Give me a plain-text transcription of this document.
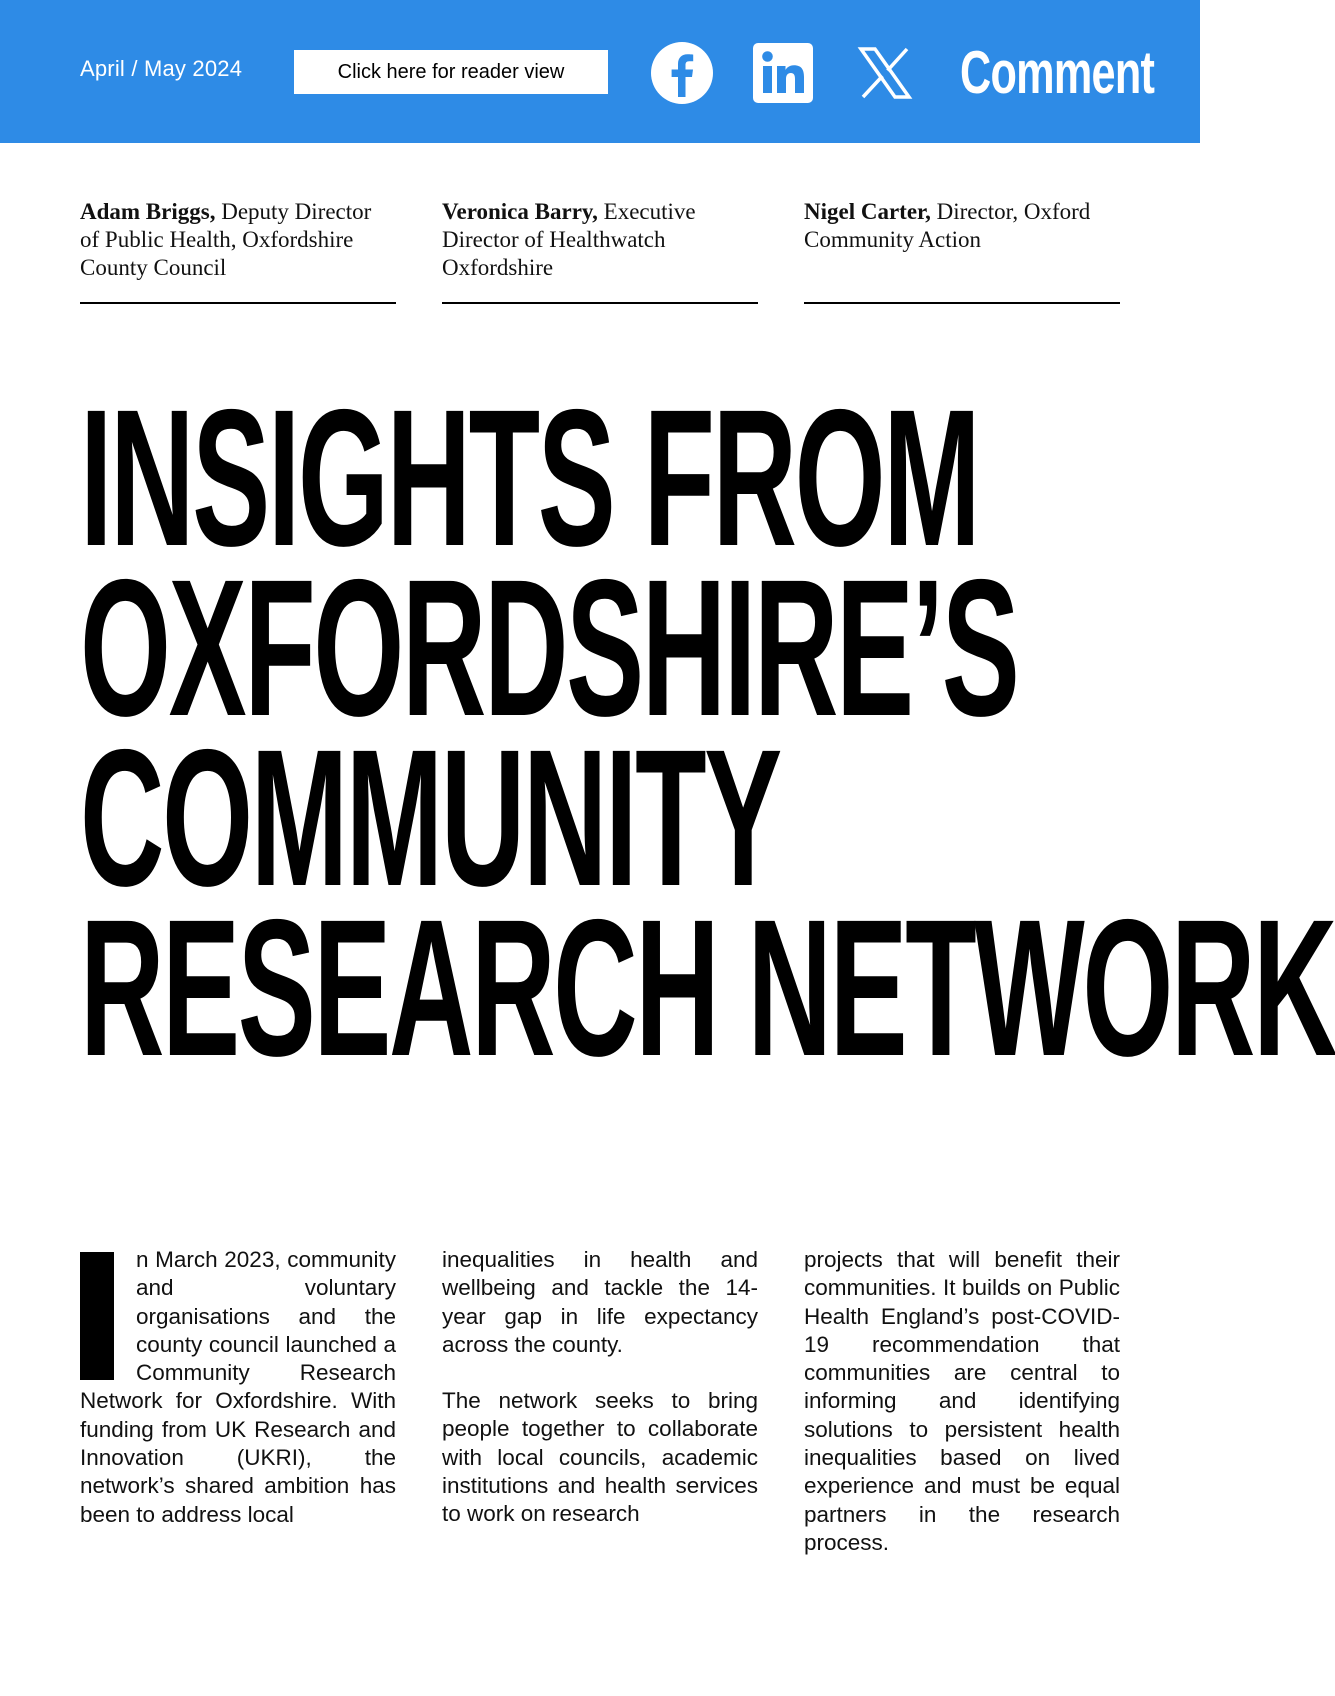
April / May 2024	Click here for reader view	Comment
Adam Briggs, Deputy Director of Public Health, Oxfordshire County Council
Veronica Barry, Executive Director of Healthwatch Oxfordshire
Nigel Carter, Director, Oxford Community Action
INSIGHTS FROM
OXFORDSHIRE’S
COMMUNITY
RESEARCH NETWORK

n March 2023, community and voluntary organisations and the county council launched a Community Research Network for Oxfordshire. With funding from UK Research and Innovation (UKRI), the network’s shared ambition has been to address local

inequalities in health and wellbeing and tackle the 14-year gap in life expectancy across the county.

The network seeks to bring people together to collaborate with local councils, academic institutions and health services to work on research

projects that will benefit their communities. It builds on Public Health England’s post-COVID-19 recommendation that communities are central to informing and identifying solutions to persistent health inequalities based on lived experience and must be equal partners in the research process.
